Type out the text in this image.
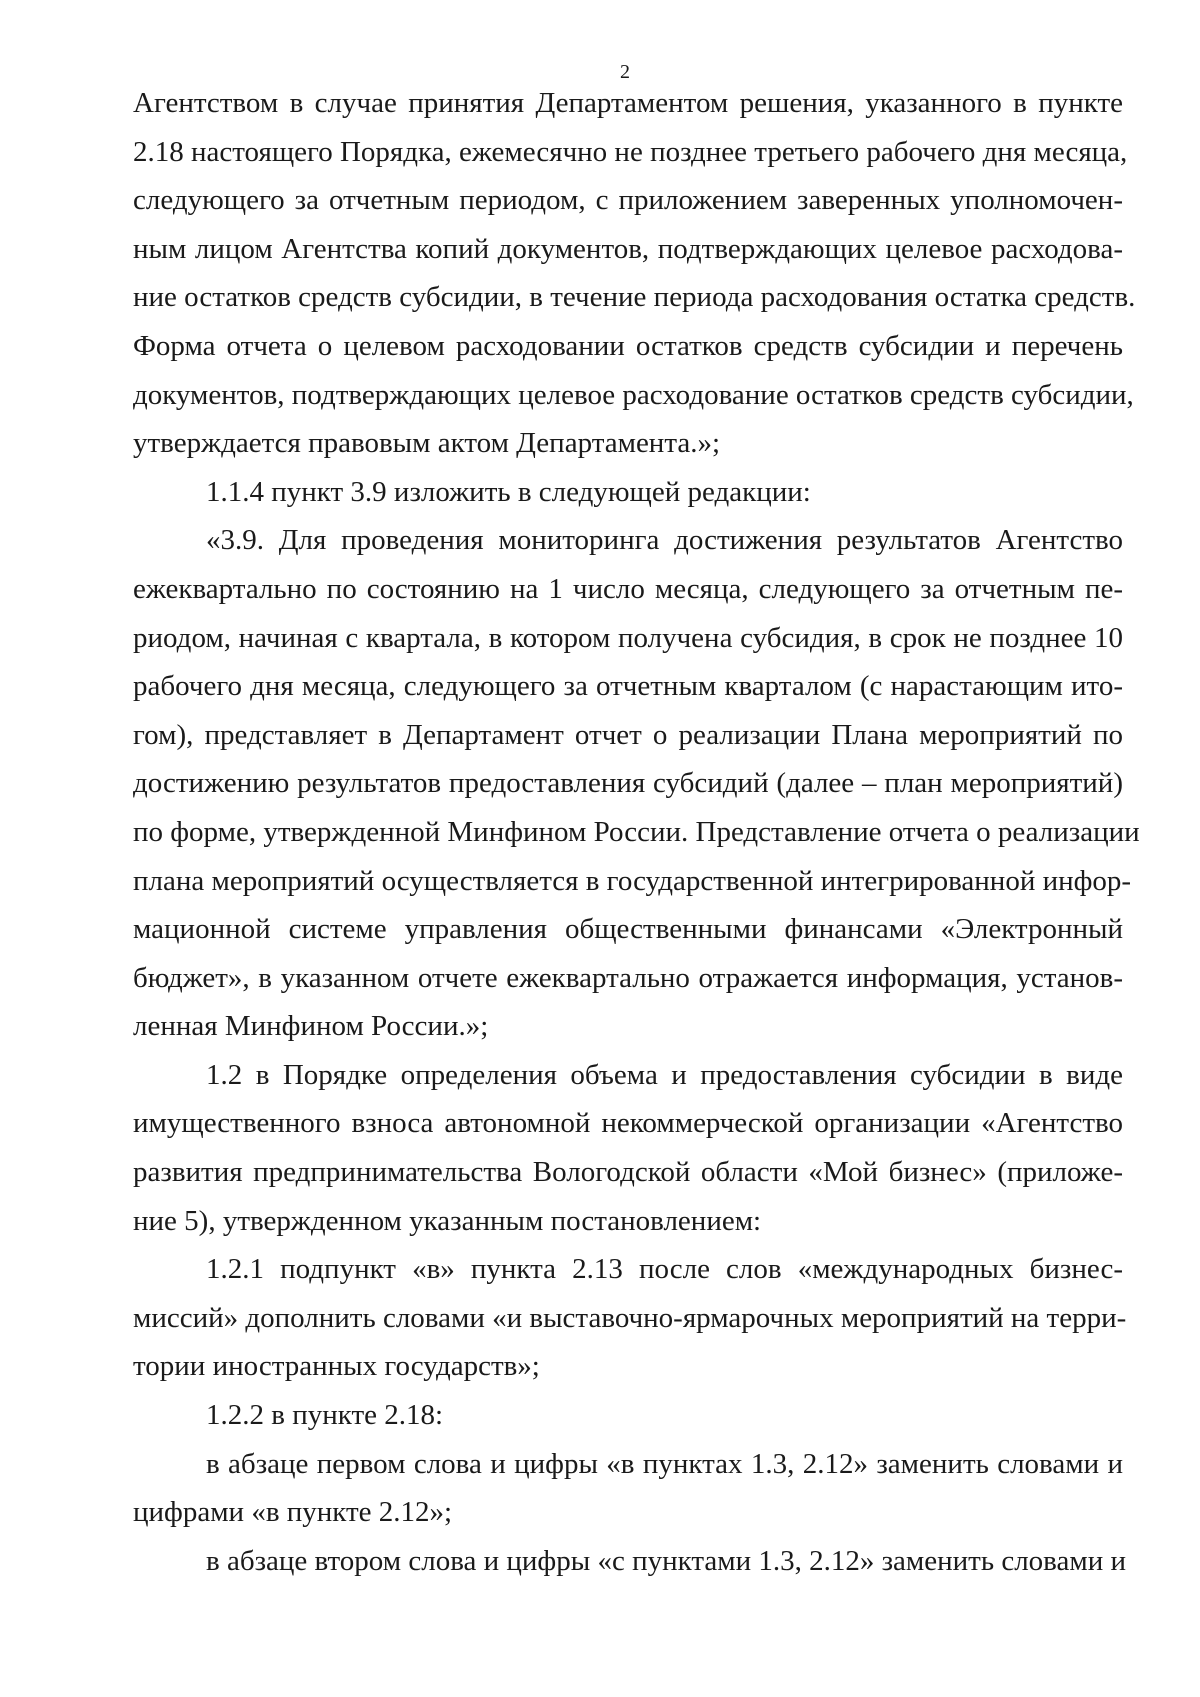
2
Агентством в случае принятия Департаментом решения, указанного в пункте
2.18 настоящего Порядка, ежемесячно не позднее третьего рабочего дня месяца,
следующего за отчетным периодом, с приложением заверенных уполномочен-
ным лицом Агентства копий документов, подтверждающих целевое расходова-
ние остатков средств субсидии, в течение периода расходования остатка средств.
Форма отчета о целевом расходовании остатков средств субсидии и перечень
документов, подтверждающих целевое расходование остатков средств субсидии,
утверждается правовым актом Департамента.»;
1.1.4 пункт 3.9 изложить в следующей редакции:
«3.9. Для проведения мониторинга достижения результатов Агентство
ежеквартально по состоянию на 1 число месяца, следующего за отчетным пе-
риодом, начиная с квартала, в котором получена субсидия, в срок не позднее 10
рабочего дня месяца, следующего за отчетным кварталом (с нарастающим ито-
гом), представляет в Департамент отчет о реализации Плана мероприятий по
достижению результатов предоставления субсидий (далее – план мероприятий)
по форме, утвержденной Минфином России. Представление отчета о реализации
плана мероприятий осуществляется в государственной интегрированной инфор-
мационной системе управления общественными финансами «Электронный
бюджет», в указанном отчете ежеквартально отражается информация, установ-
ленная Минфином России.»;
1.2 в Порядке определения объема и предоставления субсидии в виде
имущественного взноса автономной некоммерческой организации «Агентство
развития предпринимательства Вологодской области «Мой бизнес» (приложе-
ние 5), утвержденном указанным постановлением:
1.2.1 подпункт «в» пункта 2.13 после слов «международных бизнес-
миссий» дополнить словами «и выставочно-ярмарочных мероприятий на терри-
тории иностранных государств»;
1.2.2 в пункте 2.18:
в абзаце первом слова и цифры «в пунктах 1.3, 2.12» заменить словами и
цифрами «в пункте 2.12»;
в абзаце втором слова и цифры «с пунктами 1.3, 2.12» заменить словами и
